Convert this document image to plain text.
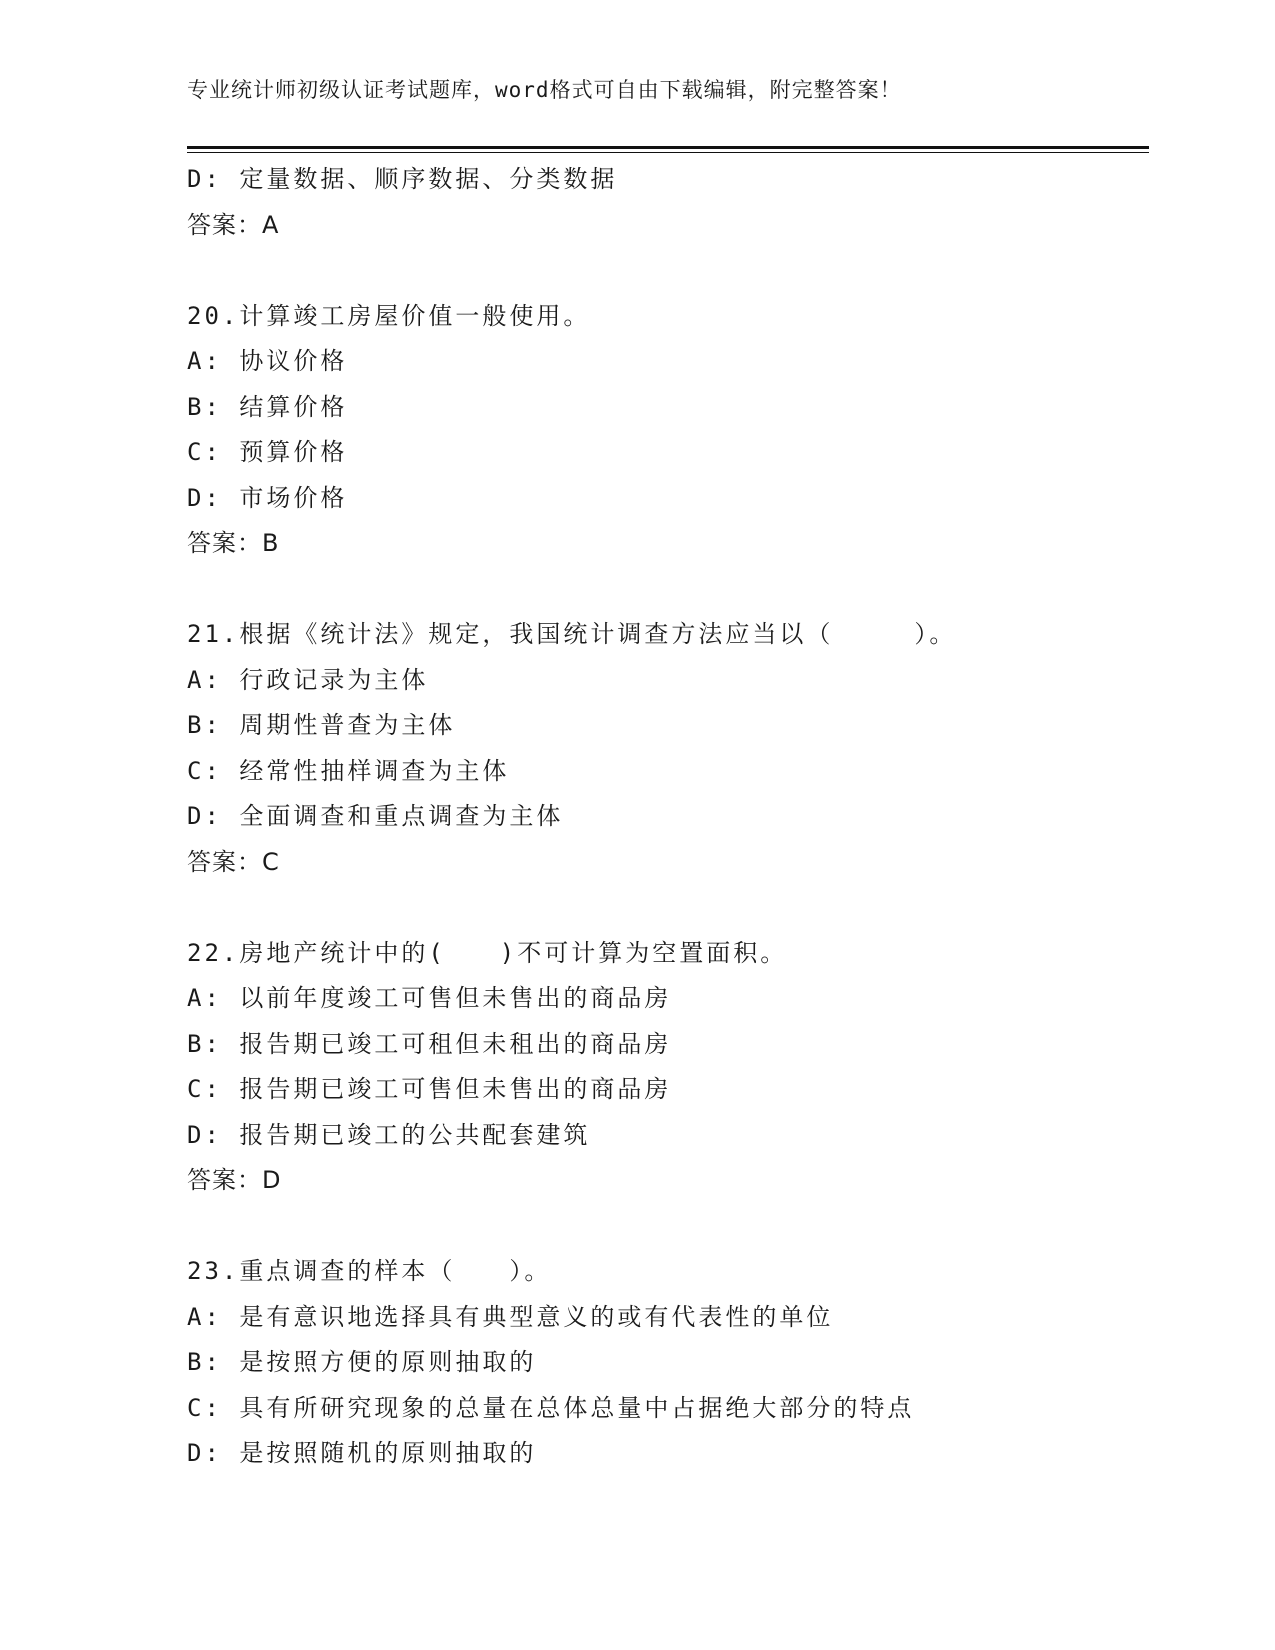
专业统计师初级认证考试题库，word格式可自由下载编辑，附完整答案！
D: 定量数据、顺序数据、分类数据
答案：A
20.计算竣工房屋价值一般使用。
A: 协议价格
B: 结算价格
C: 预算价格
D: 市场价格
答案：B
21.根据《统计法》规定，我国统计调查方法应当以（　　　）。
A: 行政记录为主体
B: 周期性普查为主体
C: 经常性抽样调查为主体
D: 全面调查和重点调查为主体
答案：C
22.房地产统计中的(　　)不可计算为空置面积。
A: 以前年度竣工可售但未售出的商品房
B: 报告期已竣工可租但未租出的商品房
C: 报告期已竣工可售但未售出的商品房
D: 报告期已竣工的公共配套建筑
答案：D
23.重点调查的样本（　　）。
A: 是有意识地选择具有典型意义的或有代表性的单位
B: 是按照方便的原则抽取的
C: 具有所研究现象的总量在总体总量中占据绝大部分的特点
D: 是按照随机的原则抽取的
